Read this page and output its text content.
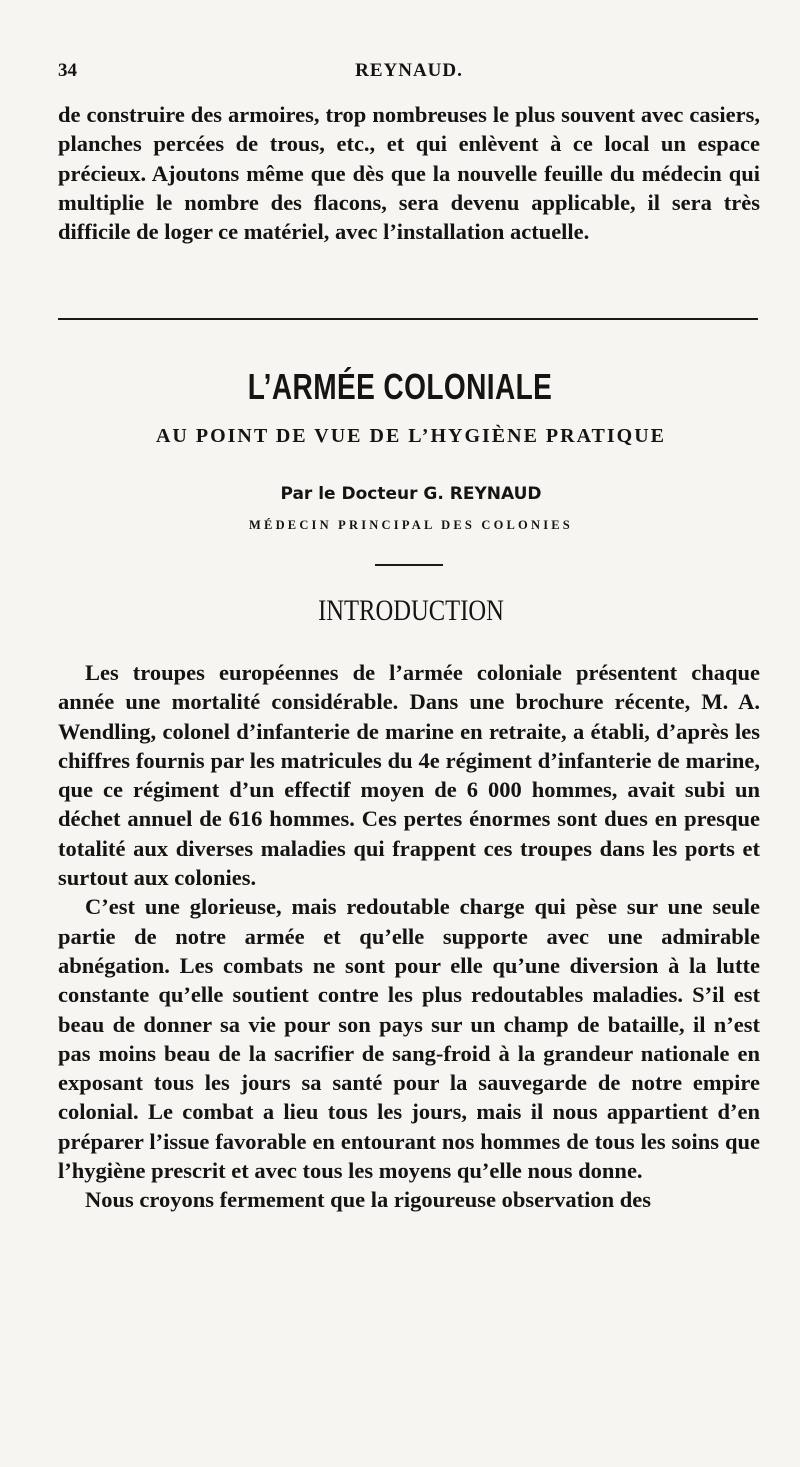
34	REYNAUD.

de construire des armoires, trop nombreuses le plus souvent avec casiers, planches percées de trous, etc., et qui enlèvent à ce local un espace précieux. Ajoutons même que dès que la nouvelle feuille du médecin qui multiplie le nombre des flacons, sera devenu applicable, il sera très difficile de loger ce matériel, avec l’installation actuelle.

L’ARMÉE COLONIALE
AU POINT DE VUE DE L’HYGIÈNE PRATIQUE
Par le Docteur G. REYNAUD
MÉDECIN PRINCIPAL DES COLONIES
INTRODUCTION

Les troupes européennes de l’armée coloniale présentent chaque année une mortalité considérable. Dans une brochure récente, M. A. Wendling, colonel d’infanterie de marine en retraite, a établi, d’après les chiffres fournis par les matricules du 4e régiment d’infanterie de marine, que ce régiment d’un effectif moyen de 6 000 hommes, avait subi un déchet annuel de 616 hommes. Ces pertes énormes sont dues en presque totalité aux diverses maladies qui frappent ces troupes dans les ports et surtout aux colonies.

C’est une glorieuse, mais redoutable charge qui pèse sur une seule partie de notre armée et qu’elle supporte avec une admirable abnégation. Les combats ne sont pour elle qu’une diversion à la lutte constante qu’elle soutient contre les plus redoutables maladies. S’il est beau de donner sa vie pour son pays sur un champ de bataille, il n’est pas moins beau de la sacrifier de sang-froid à la grandeur nationale en exposant tous les jours sa santé pour la sauvegarde de notre empire colonial. Le combat a lieu tous les jours, mais il nous appartient d’en préparer l’issue favorable en entourant nos hommes de tous les soins que l’hygiène prescrit et avec tous les moyens qu’elle nous donne.

Nous croyons fermement que la rigoureuse observation des
